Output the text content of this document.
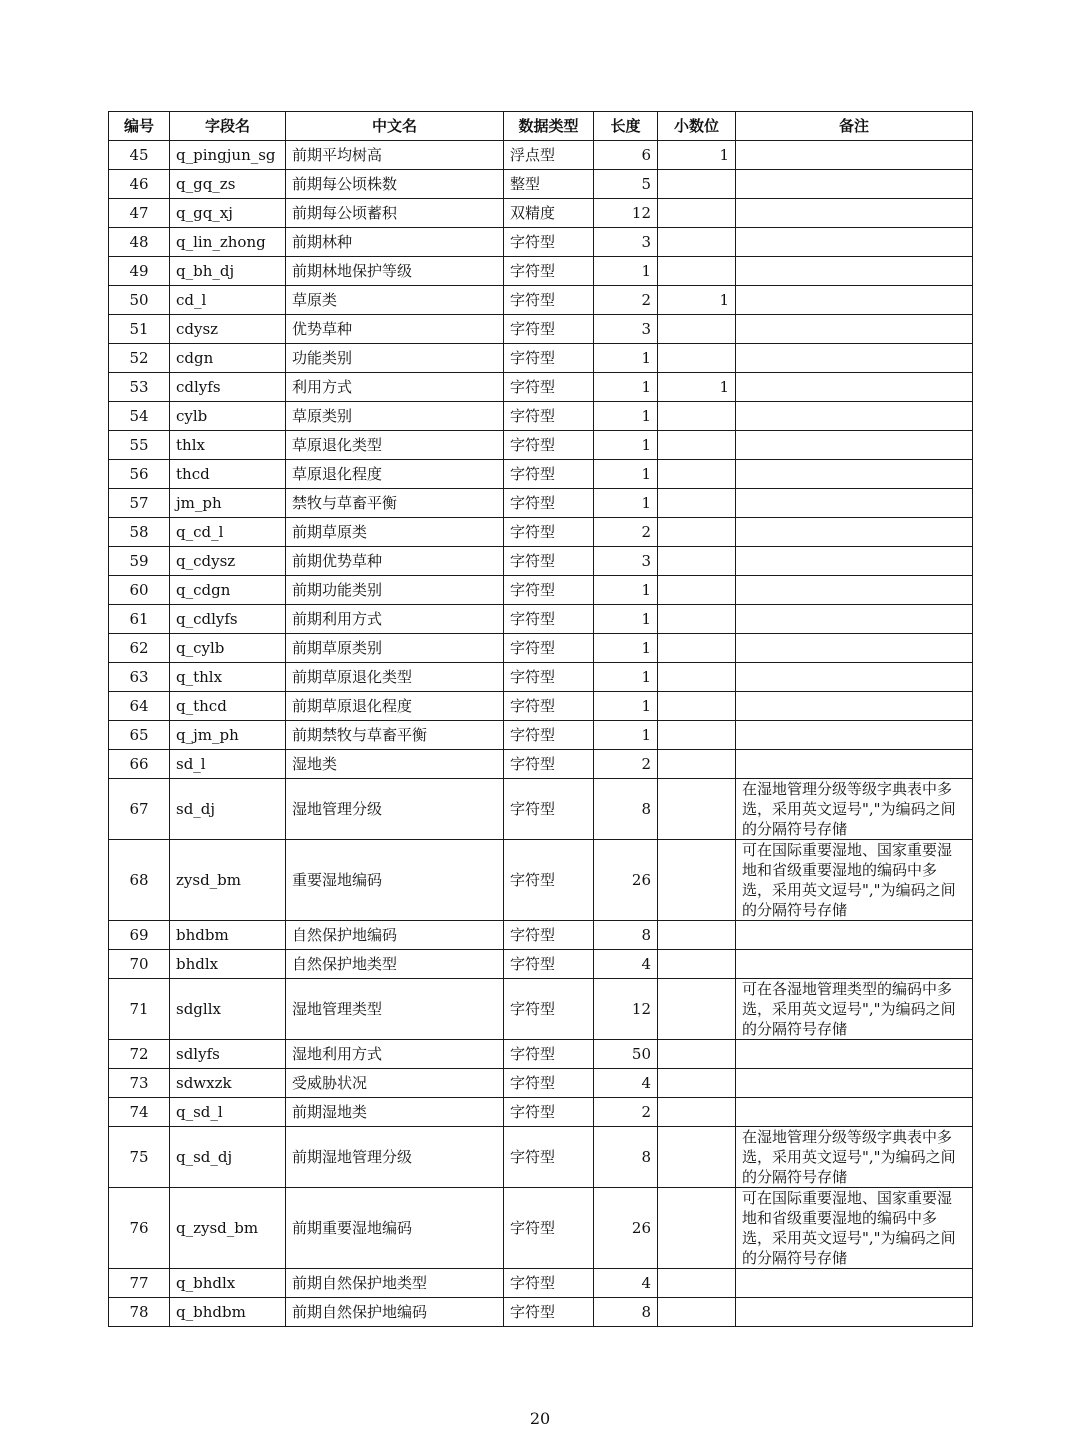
编号	字段名	中文名	数据类型	长度	小数位	备注
45	q_pingjun_sg	前期平均树高	浮点型	6	1	
46	q_gq_zs	前期每公顷株数	整型	5		
47	q_gq_xj	前期每公顷蓄积	双精度	12		
48	q_lin_zhong	前期林种	字符型	3		
49	q_bh_dj	前期林地保护等级	字符型	1		
50	cd_l	草原类	字符型	2	1	
51	cdysz	优势草种	字符型	3		
52	cdgn	功能类别	字符型	1		
53	cdlyfs	利用方式	字符型	1	1	
54	cylb	草原类别	字符型	1		
55	thlx	草原退化类型	字符型	1		
56	thcd	草原退化程度	字符型	1		
57	jm_ph	禁牧与草畜平衡	字符型	1		
58	q_cd_l	前期草原类	字符型	2		
59	q_cdysz	前期优势草种	字符型	3		
60	q_cdgn	前期功能类别	字符型	1		
61	q_cdlyfs	前期利用方式	字符型	1		
62	q_cylb	前期草原类别	字符型	1		
63	q_thlx	前期草原退化类型	字符型	1		
64	q_thcd	前期草原退化程度	字符型	1		
65	q_jm_ph	前期禁牧与草畜平衡	字符型	1		
66	sd_l	湿地类	字符型	2		
67	sd_dj	湿地管理分级	字符型	8		在湿地管理分级等级字典表中多选，采用英文逗号","为编码之间的分隔符号存储
68	zysd_bm	重要湿地编码	字符型	26		可在国际重要湿地、国家重要湿地和省级重要湿地的编码中多选，采用英文逗号","为编码之间的分隔符号存储
69	bhdbm	自然保护地编码	字符型	8		
70	bhdlx	自然保护地类型	字符型	4		
71	sdgllx	湿地管理类型	字符型	12		可在各湿地管理类型的编码中多选，采用英文逗号","为编码之间的分隔符号存储
72	sdlyfs	湿地利用方式	字符型	50		
73	sdwxzk	受威胁状况	字符型	4		
74	q_sd_l	前期湿地类	字符型	2		
75	q_sd_dj	前期湿地管理分级	字符型	8		在湿地管理分级等级字典表中多选，采用英文逗号","为编码之间的分隔符号存储
76	q_zysd_bm	前期重要湿地编码	字符型	26		可在国际重要湿地、国家重要湿地和省级重要湿地的编码中多选，采用英文逗号","为编码之间的分隔符号存储
77	q_bhdlx	前期自然保护地类型	字符型	4		
78	q_bhdbm	前期自然保护地编码	字符型	8		
20
